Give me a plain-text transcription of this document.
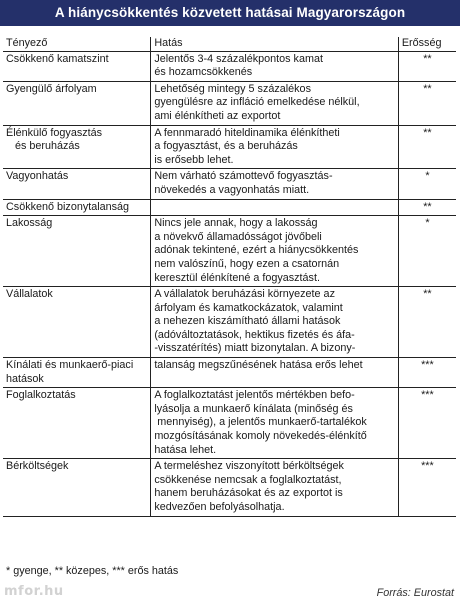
A hiánycsökkentés közvetett hatásai Magyarországon
Tényező	Hatás	Erősség

Csökkenő kamatszint	Jelentős 3-4 százalékpontos kamat
és hozamcsökkenés	**

Gyengülő árfolyam	Lehetőség mintegy 5 százalékos
gyengülésre az infláció emelkedése nélkül,
ami élénkítheti az exportot	**

Élénkülő fogyasztás
és beruházás	A fennmaradó hiteldinamika élénkítheti
a fogyasztást, és a beruházás
is erősebb lehet.	**

Vagyonhatás	Nem várható számottevő fogyasztás-
növekedés a vagyonhatás miatt.	*

Csökkenő bizonytalanság		**

Lakosság	Nincs jele annak, hogy a lakosság
a növekvő államadósságot jövőbeli
adónak tekintené, ezért a hiánycsökkentés
nem valószínű, hogy ezen a csatornán
keresztül élénkítené a fogyasztást.	*

Vállalatok	A vállalatok beruházási környezete az
árfolyam és kamatkockázatok, valamint
a nehezen kiszámítható állami hatások
(adóváltoztatások, hektikus fizetés és áfa-
-visszatérítés) miatt bizonytalan. A bizony-	**

Kínálati és munkaerő-piaci
hatások	talanság megszűnésének hatása erős lehet	***

Foglalkoztatás	A foglalkoztatást jelentős mértékben befo-
lyásolja a munkaerő kínálata (minőség és
mennyiség), a jelentős munkaerő-tartalékok
mozgósításának komoly növekedés-élénkítő
hatása lehet.	***

Bérköltségek	A termeléshez viszonyított bérköltségek
csökkenése nemcsak a foglalkoztatást,
hanem beruházásokat és az exportot is
kedvezően befolyásolhatja.	***
* gyenge, ** közepes, *** erős hatás
mfor.hu	Forrás: Eurostat
